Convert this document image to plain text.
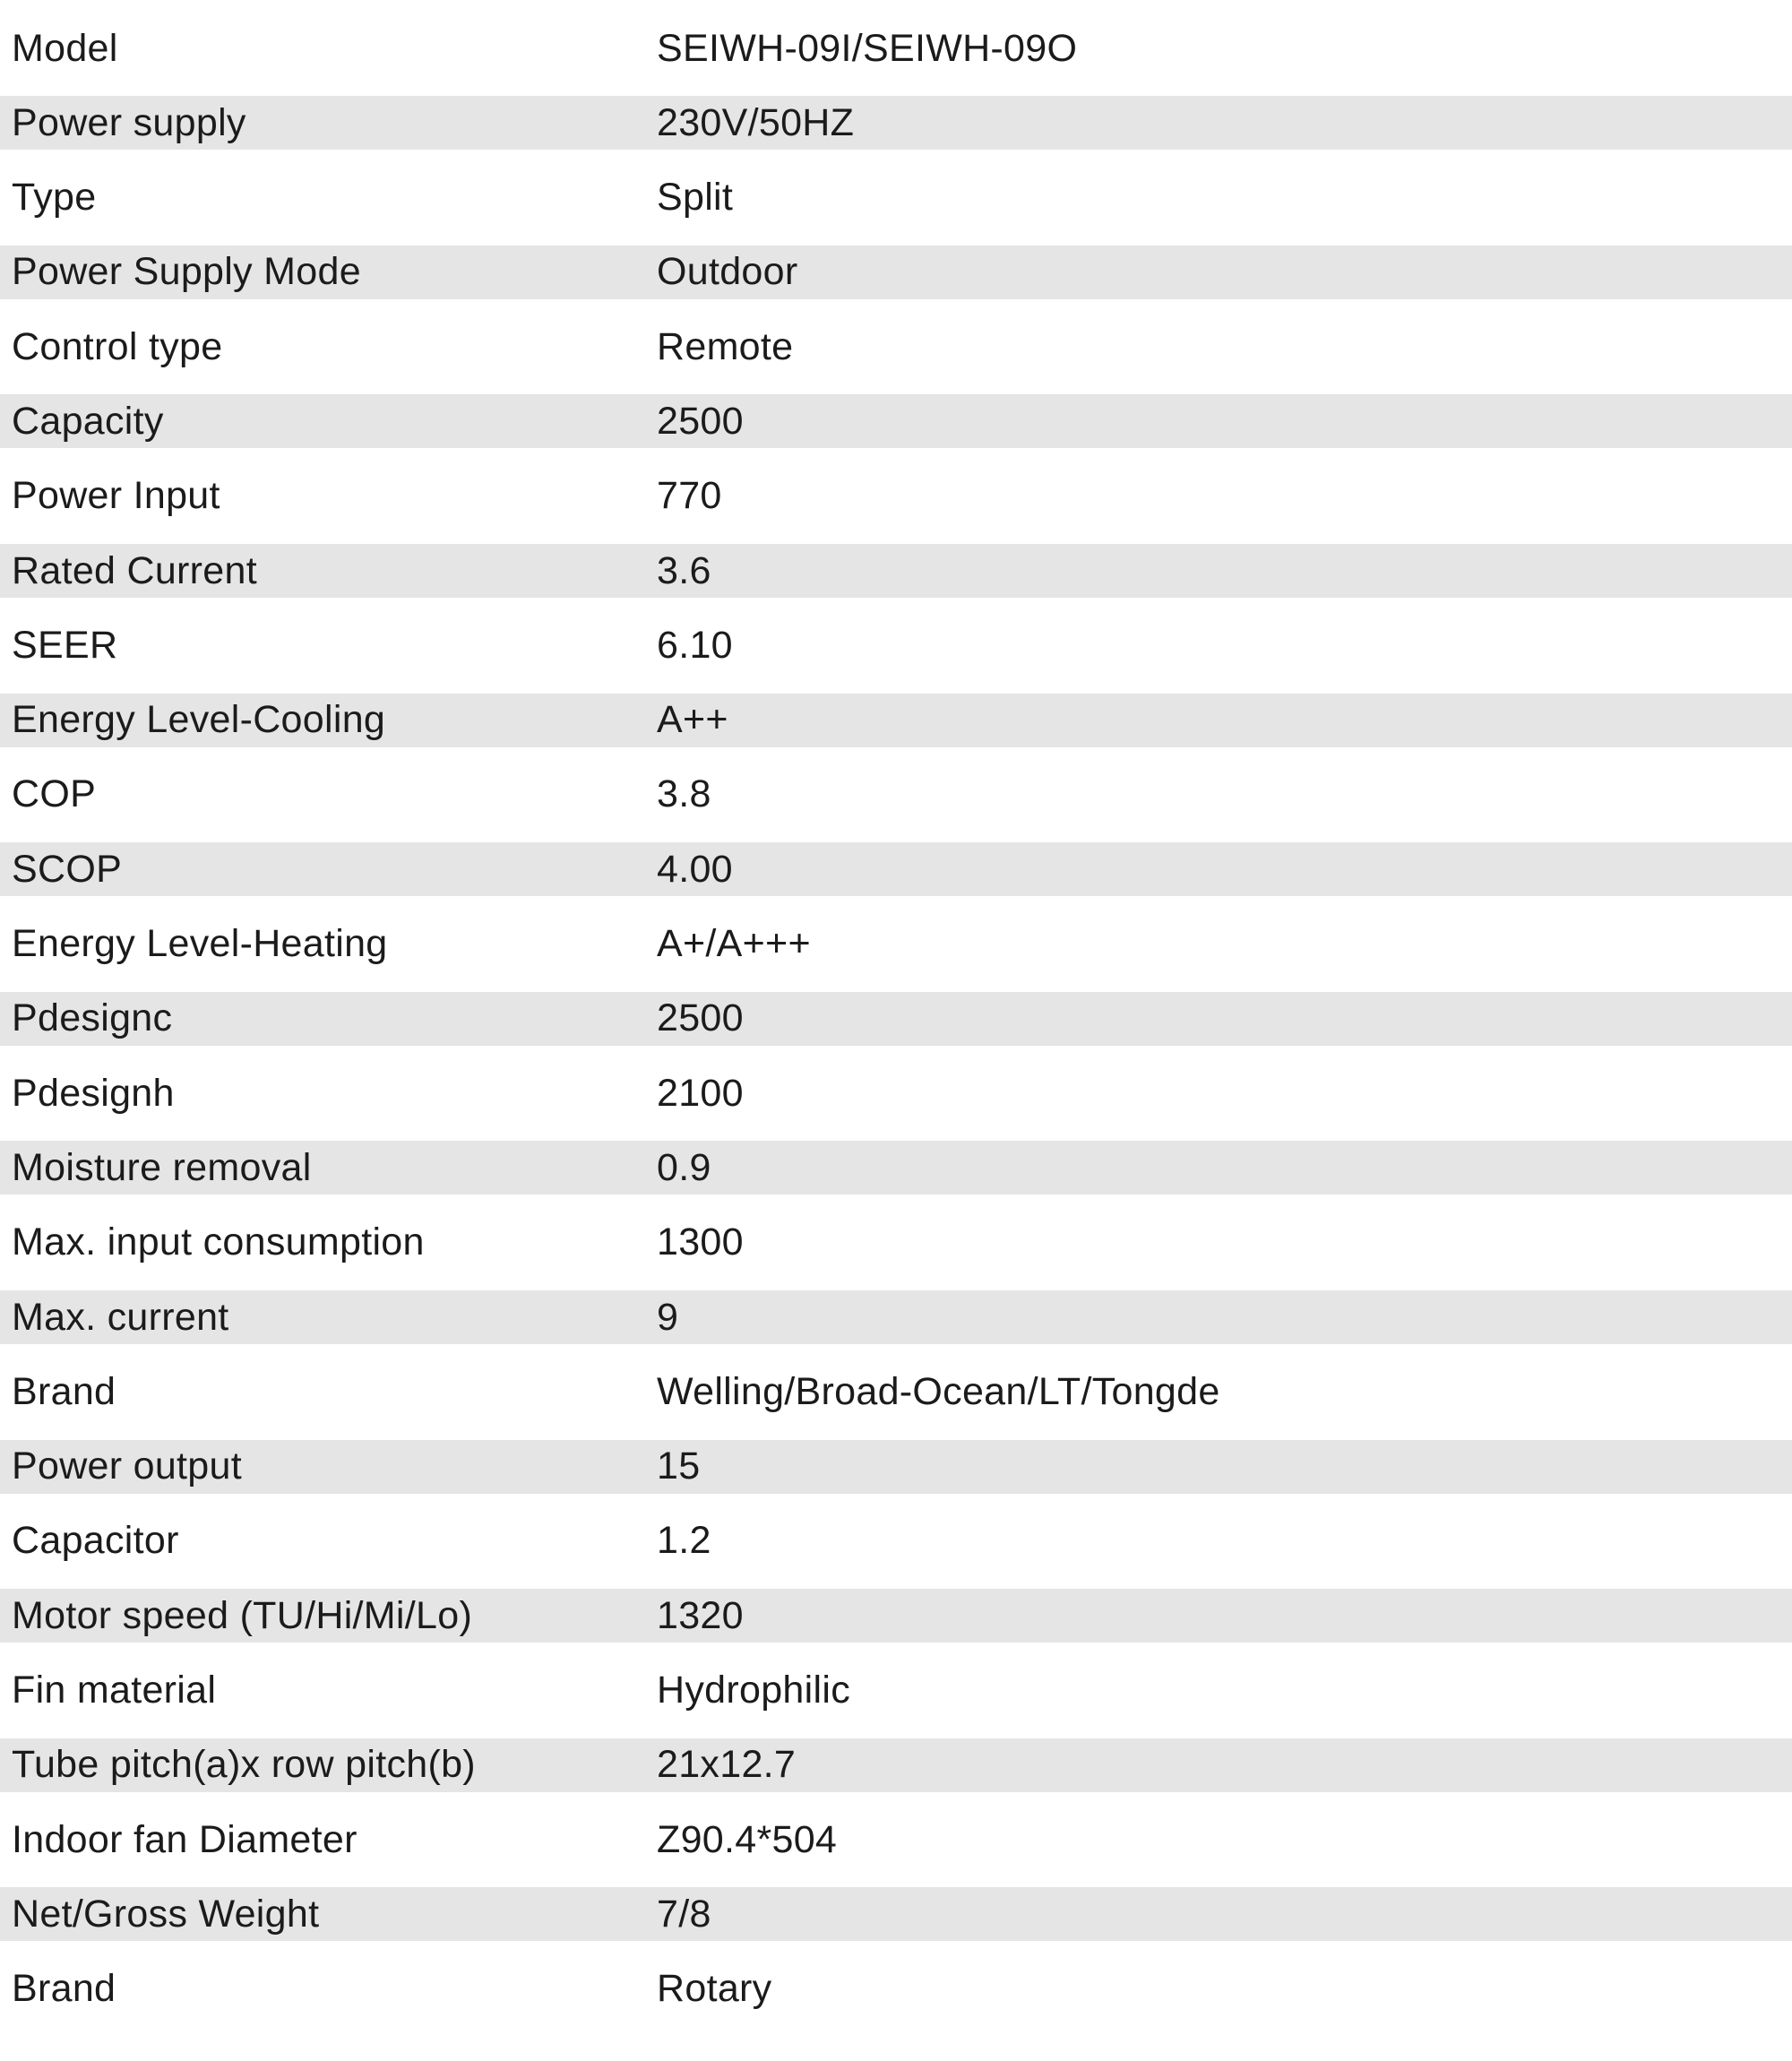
Model	SEIWH-09I/SEIWH-09O
Power supply	230V/50HZ
Type	Split
Power Supply Mode	Outdoor
Control type	Remote
Capacity	2500
Power Input	770
Rated Current	3.6
SEER	6.10
Energy Level-Cooling	A++
COP	3.8
SCOP	4.00
Energy Level-Heating	A+/A+++
Pdesignc	2500
Pdesignh	2100
Moisture removal	0.9
Max. input consumption	1300
Max. current	9
Brand	Welling/Broad-Ocean/LT/Tongde
Power output	15
Capacitor	1.2
Motor speed (TU/Hi/Mi/Lo)	1320
Fin material	Hydrophilic
Tube pitch(a)x row pitch(b)	21x12.7
Indoor fan Diameter	Ζ90.4*504
Net/Gross Weight	7/8
Brand	Rotary
